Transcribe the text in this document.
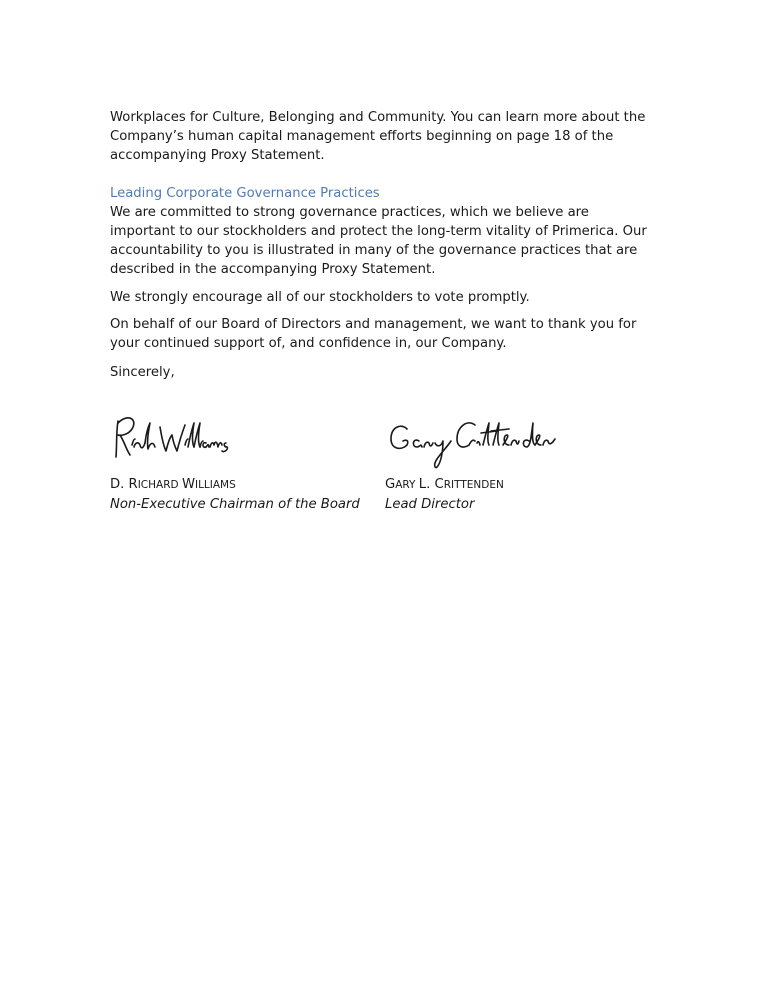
Workplaces for Culture, Belonging and Community. You can learn more about the Company’s human capital management efforts beginning on page 18 of the accompanying Proxy Statement.

Leading Corporate Governance Practices

We are committed to strong governance practices, which we believe are important to our stockholders and protect the long-term vitality of Primerica. Our accountability to you is illustrated in many of the governance practices that are described in the accompanying Proxy Statement.

We strongly encourage all of our stockholders to vote promptly.

On behalf of our Board of Directors and management, we want to thank you for your continued support of, and confidence in, our Company.

Sincerely,

D. RICHARD WILLIAMS
Non-Executive Chairman of the Board
GARY L. CRITTENDEN
Lead Director
